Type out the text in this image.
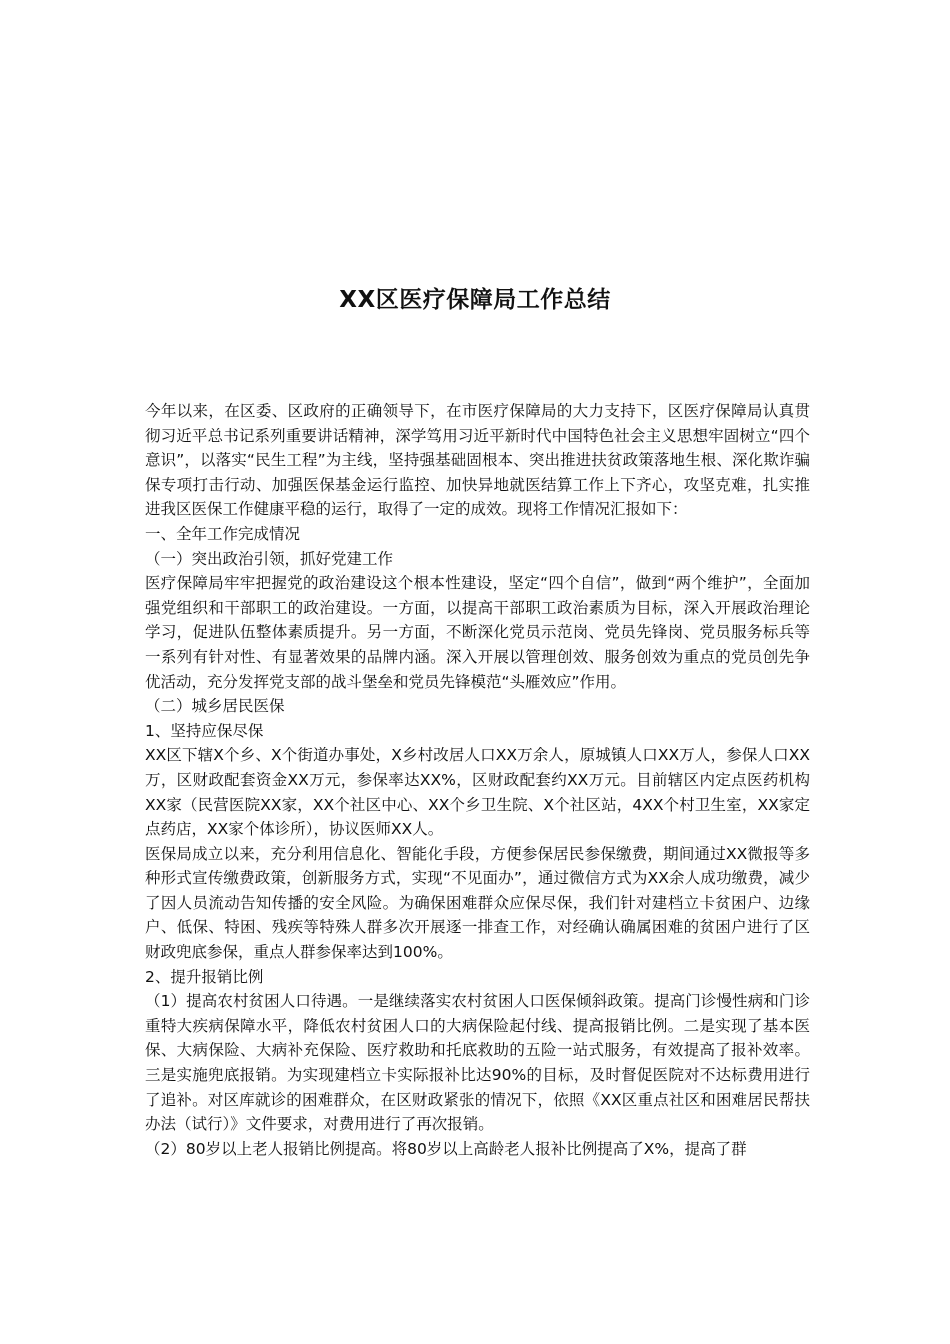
XX区医疗保障局工作总结

今年以来，在区委、区政府的正确领导下，在市医疗保障局的大力支持下，区医疗保障局认真贯彻习近平总书记系列重要讲话精神，深学笃用习近平新时代中国特色社会主义思想牢固树立“四个意识”，以落实“民生工程”为主线，坚持强基础固根本、突出推进扶贫政策落地生根、深化欺诈骗保专项打击行动、加强医保基金运行监控、加快异地就医结算工作上下齐心，攻坚克难，扎实推进我区医保工作健康平稳的运行，取得了一定的成效。现将工作情况汇报如下：

一、全年工作完成情况

（一）突出政治引领，抓好党建工作

医疗保障局牢牢把握党的政治建设这个根本性建设，坚定“四个自信”，做到“两个维护”，全面加强党组织和干部职工的政治建设。一方面，以提高干部职工政治素质为目标，深入开展政治理论学习，促进队伍整体素质提升。另一方面，不断深化党员示范岗、党员先锋岗、党员服务标兵等一系列有针对性、有显著效果的品牌内涵。深入开展以管理创效、服务创效为重点的党员创先争优活动，充分发挥党支部的战斗堡垒和党员先锋模范“头雁效应”作用。

（二）城乡居民医保

1、坚持应保尽保

XX区下辖X个乡、X个街道办事处，X乡村改居人口XX万余人，原城镇人口XX万人，参保人口XX万，区财政配套资金XX万元，参保率达XX%，区财政配套约XX万元。目前辖区内定点医药机构XX家（民营医院XX家，XX个社区中心、XX个乡卫生院、X个社区站，4XX个村卫生室，XX家定点药店，XX家个体诊所），协议医师XX人。

医保局成立以来，充分利用信息化、智能化手段，方便参保居民参保缴费，期间通过XX微报等多种形式宣传缴费政策，创新服务方式，实现“不见面办”，通过微信方式为XX余人成功缴费，减少了因人员流动告知传播的安全风险。为确保困难群众应保尽保，我们针对建档立卡贫困户、边缘户、低保、特困、残疾等特殊人群多次开展逐一排查工作，对经确认确属困难的贫困户进行了区财政兜底参保，重点人群参保率达到100%。

2、提升报销比例

（1）提高农村贫困人口待遇。一是继续落实农村贫困人口医保倾斜政策。提高门诊慢性病和门诊重特大疾病保障水平，降低农村贫困人口的大病保险起付线、提高报销比例。二是实现了基本医保、大病保险、大病补充保险、医疗救助和托底救助的五险一站式服务，有效提高了报补效率。三是实施兜底报销。为实现建档立卡实际报补比达90%的目标，及时督促医院对不达标费用进行了追补。对区库就诊的困难群众，在区财政紧张的情况下，依照《XX区重点社区和困难居民帮扶办法（试行）》文件要求，对费用进行了再次报销。

（2）80岁以上老人报销比例提高。将80岁以上高龄老人报补比例提高了X%，提高了群
